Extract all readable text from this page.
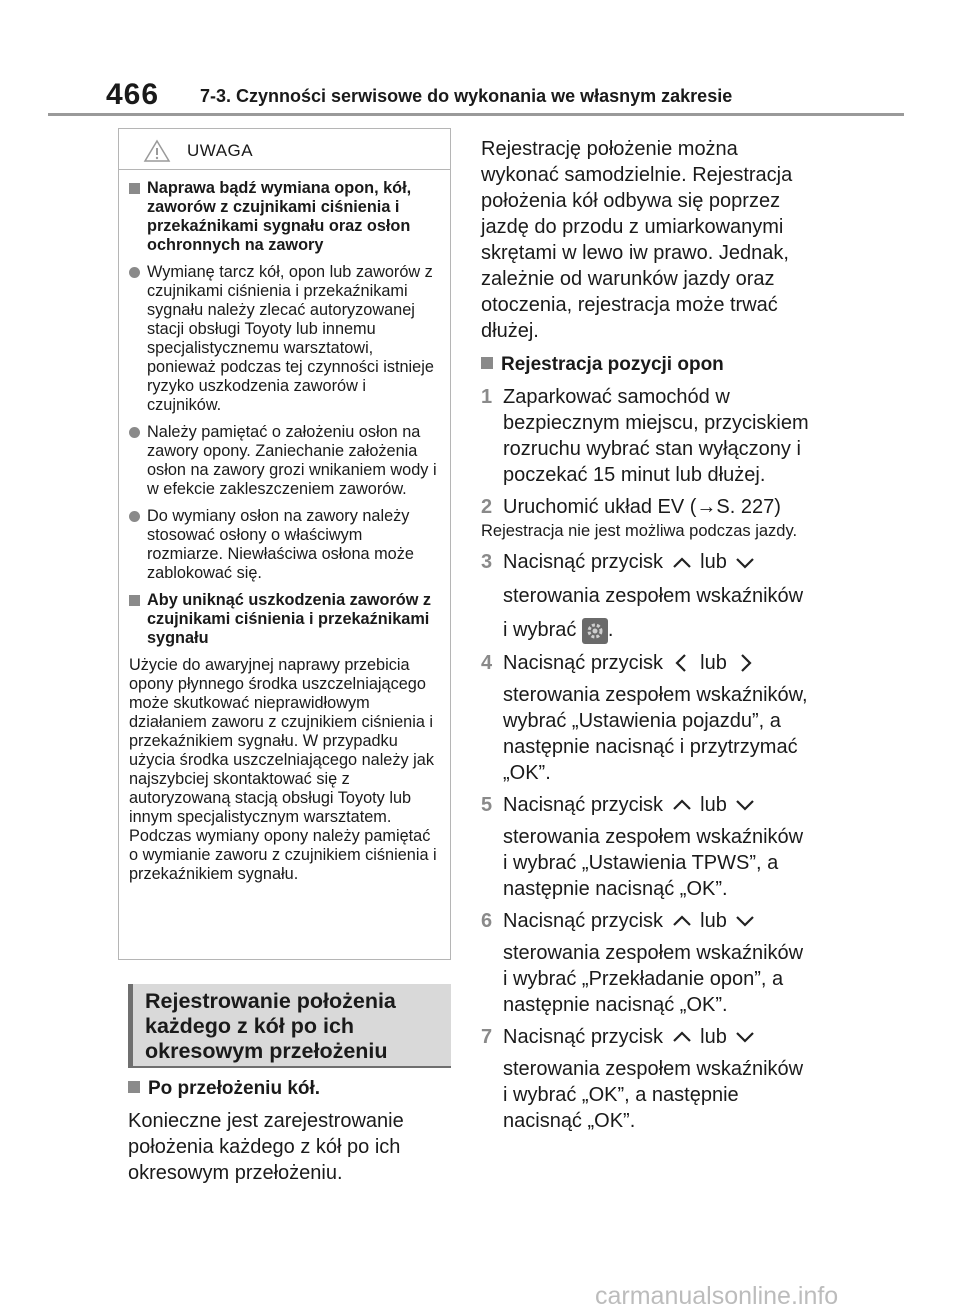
466 7-3. Czynności serwisowe do wykonania we własnym zakresie
UWAGA

Naprawa bądź wymiana opon, kół, zaworów z czujnikami ciśnienia i przekaźnikami sygnału oraz osłon ochronnych na zawory

Wymianę tarcz kół, opon lub zaworów z czujnikami ciśnienia i przekaźnikami sygnału należy zlecać autoryzowanej stacji obsługi Toyoty lub innemu specjalistycznemu warsztatowi, ponieważ podczas tej czynności istnieje ryzyko uszkodzenia zaworów i czujników.

Należy pamiętać o założeniu osłon na zawory opony. Zaniechanie założenia osłon na zawory grozi wnikaniem wody i w efekcie zakleszczeniem zaworów.

Do wymiany osłon na zawory należy stosować osłony o właściwym rozmiarze. Niewłaściwa osłona może zablokować się.

Aby uniknąć uszkodzenia zaworów z czujnikami ciśnienia i przekaźnikami sygnału

Użycie do awaryjnej naprawy przebicia opony płynnego środka uszczelniającego może skutkować nieprawidłowym działaniem zaworu z czujnikiem ciśnienia i przekaźnikiem sygnału. W przypadku użycia środka uszczelniającego należy jak najszybciej skontaktować się z autoryzowaną stacją obsługi Toyoty lub innym specjalistycznym warsztatem. Podczas wymiany opony należy pamiętać o wymianie zaworu z czujnikiem ciśnienia i przekaźnikiem sygnału.

Rejestrowanie położenia każdego z kół po ich okresowym przełożeniu

Po przełożeniu kół.

Konieczne jest zarejestrowanie położenia każdego z kół po ich okresowym przełożeniu.

Rejestrację położenie można wykonać samodzielnie. Rejestracja położenia kół odbywa się poprzez jazdę do przodu z umiarkowanymi skrętami w lewo iw prawo. Jednak, zależnie od warunków jazdy oraz otoczenia, rejestracja może trwać dłużej.

Rejestracja pozycji opon

1 Zaparkować samochód w bezpiecznym miejscu, przyciskiem rozruchu wybrać stan wyłączony i poczekać 15 minut lub dłużej.
2 Uruchomić układ EV (→S. 227)

Rejestracja nie jest możliwa podczas jazdy.

3 Nacisnąć przycisk lub

sterowania zespołem wskaźników

i wybrać .

4 Nacisnąć przycisk lub

sterowania zespołem wskaźników, wybrać „Ustawienia pojazdu”, a następnie nacisnąć i przytrzymać „OK”.

5 Nacisnąć przycisk lub

sterowania zespołem wskaźników i wybrać „Ustawienia TPWS”, a następnie nacisnąć „OK”.

6 Nacisnąć przycisk lub

sterowania zespołem wskaźników i wybrać „Przekładanie opon”, a następnie nacisnąć „OK”.

7 Nacisnąć przycisk lub

sterowania zespołem wskaźników i wybrać „OK”, a następnie nacisnąć „OK”.

carmanualsonline.info
